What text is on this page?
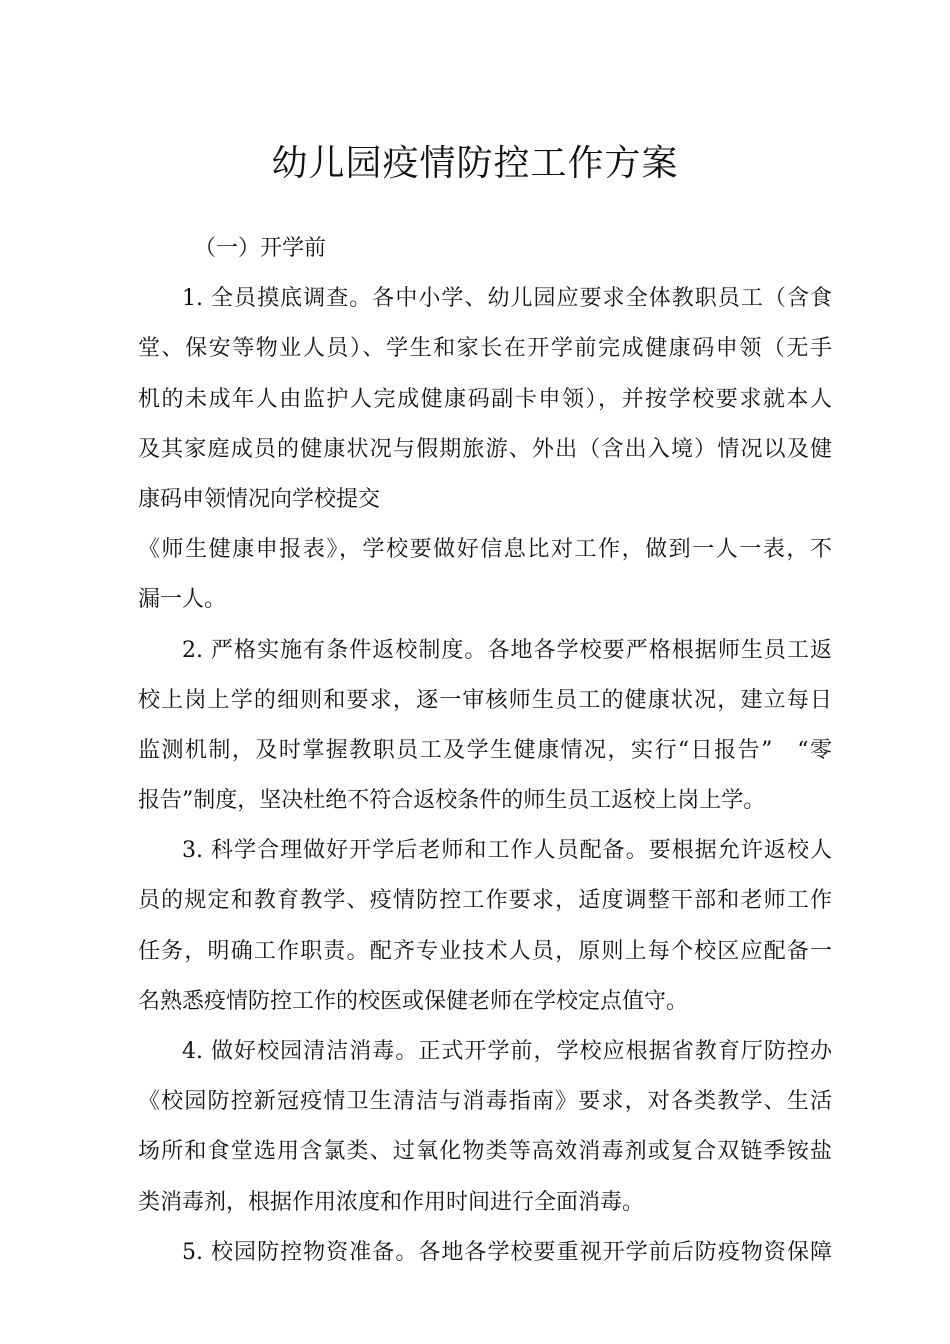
幼儿园疫情防控工作方案
（一）开学前
1. 全员摸底调查。各中小学、幼儿园应要求全体教职员工（含食
堂、保安等物业人员）、学生和家长在开学前完成健康码申领（无手
机的未成年人由监护人完成健康码副卡申领），并按学校要求就本人
及其家庭成员的健康状况与假期旅游、外出（含出入境）情况以及健
康码申领情况向学校提交
《师生健康申报表》，学校要做好信息比对工作，做到一人一表，不
漏一人。
2. 严格实施有条件返校制度。各地各学校要严格根据师生员工返
校上岗上学的细则和要求，逐一审核师生员工的健康状况，建立每日
监测机制，及时掌握教职员工及学生健康情况，实行“日报告”　“零
报告”制度，坚决杜绝不符合返校条件的师生员工返校上岗上学。
3. 科学合理做好开学后老师和工作人员配备。要根据允许返校人
员的规定和教育教学、疫情防控工作要求，适度调整干部和老师工作
任务，明确工作职责。配齐专业技术人员，原则上每个校区应配备一
名熟悉疫情防控工作的校医或保健老师在学校定点值守。
4. 做好校园清洁消毒。正式开学前，学校应根据省教育厅防控办
《校园防控新冠疫情卫生清洁与消毒指南》要求，对各类教学、生活
场所和食堂选用含氯类、过氧化物类等高效消毒剂或复合双链季铵盐
类消毒剂，根据作用浓度和作用时间进行全面消毒。
5. 校园防控物资准备。各地各学校要重视开学前后防疫物资保障
